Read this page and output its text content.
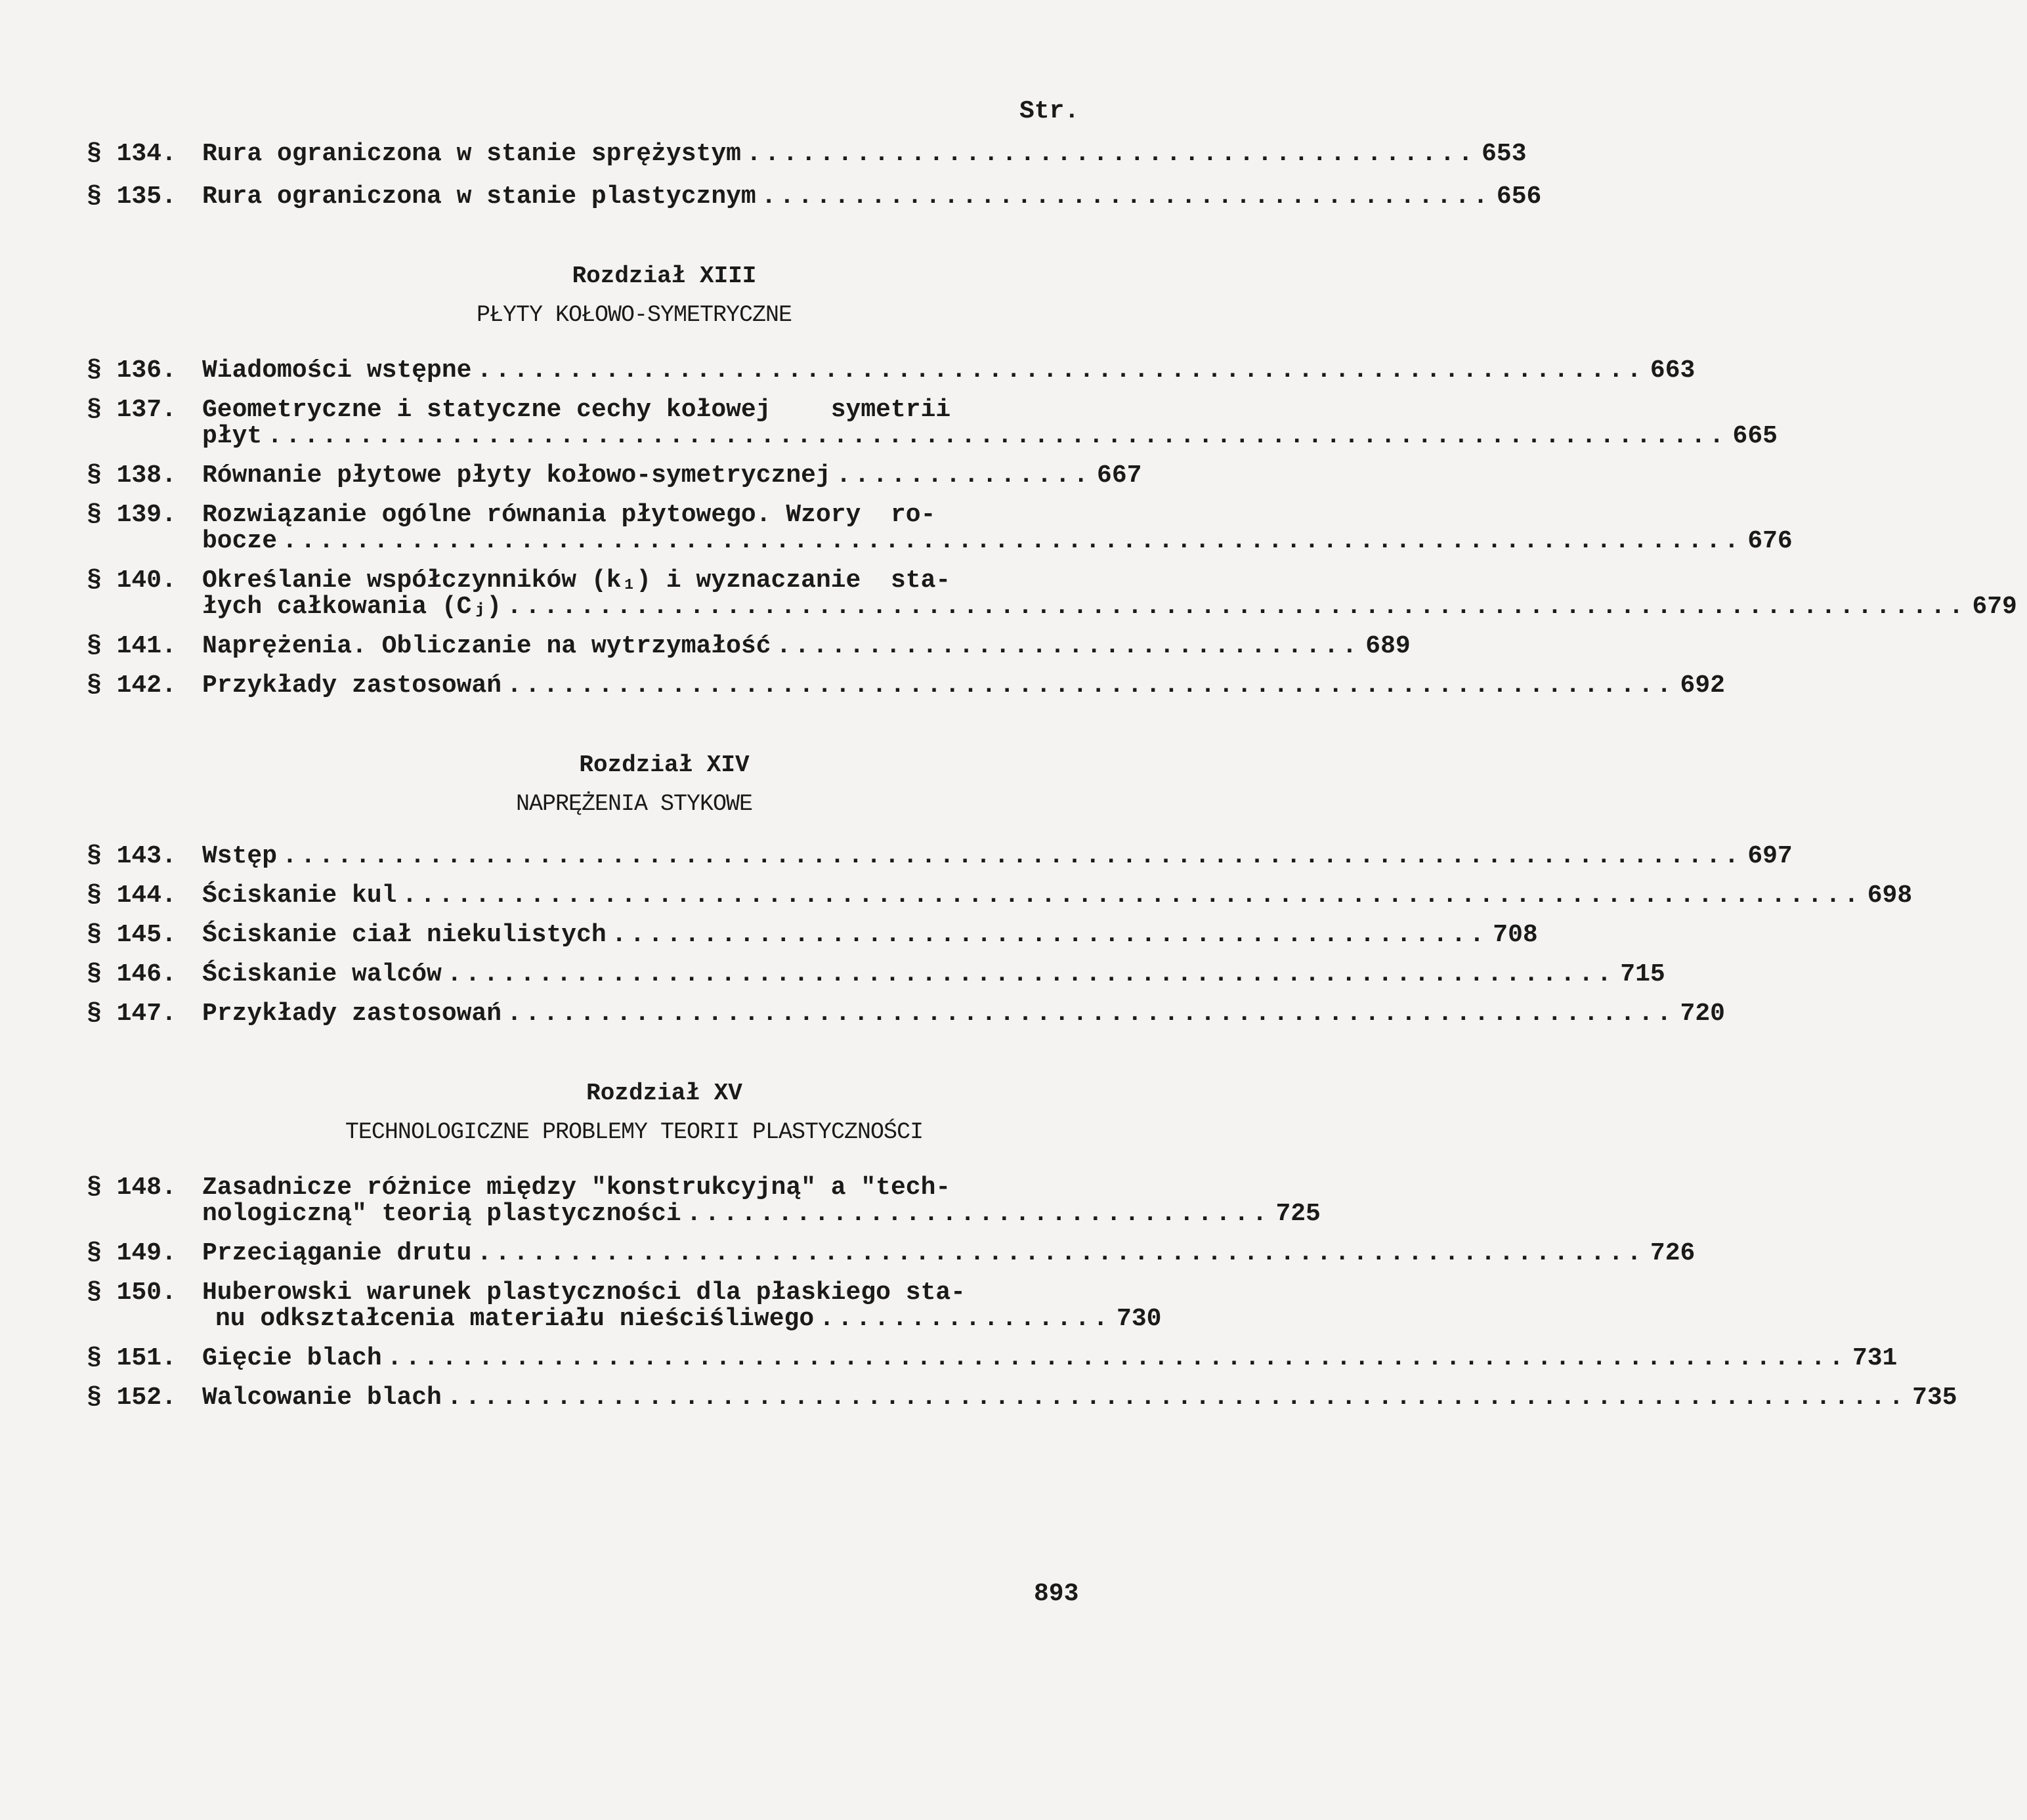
Str.
§ 134. Rura ograniczona w stanie sprężystym ........................................ 653
§ 135. Rura ograniczona w stanie plastycznym ........................................ 656
Rozdział XIII
PŁYTY KOŁOWO-SYMETRYCZNE
§ 136. Wiadomości wstępne ................................................................ 663
§ 137. Geometryczne i statyczne cechy kołowej    symetrii
płyt ................................................................................ 665
§ 138. Równanie płytowe płyty kołowo-symetrycznej .............. 667
§ 139. Rozwiązanie ogólne równania płytowego. Wzory  ro-
bocze ................................................................................ 676
§ 140. Określanie współczynników (k₁) i wyznaczanie  sta-
łych całkowania (Cⱼ) ................................................................................ 679
§ 141. Naprężenia. Obliczanie na wytrzymałość ................................ 689
§ 142. Przykłady zastosowań ................................................................ 692
Rozdział XIV
NAPRĘŻENIA STYKOWE
§ 143. Wstęp ................................................................................ 697
§ 144. Ściskanie kul ................................................................................ 698
§ 145. Ściskanie ciał niekulistych ................................................ 708
§ 146. Ściskanie walców ................................................................ 715
§ 147. Przykłady zastosowań ................................................................ 720
Rozdział XV
TECHNOLOGICZNE PROBLEMY TEORII PLASTYCZNOŚCI
§ 148. Zasadnicze różnice między "konstrukcyjną" a "tech-
nologiczną" teorią plastyczności ................................ 725
§ 149. Przeciąganie drutu ................................................................ 726
§ 150. Huberowski warunek plastyczności dla płaskiego sta-
nu odkształcenia materiału nieściśliwego ................ 730
§ 151. Gięcie blach ................................................................................ 731
§ 152. Walcowanie blach ................................................................................ 735
893
